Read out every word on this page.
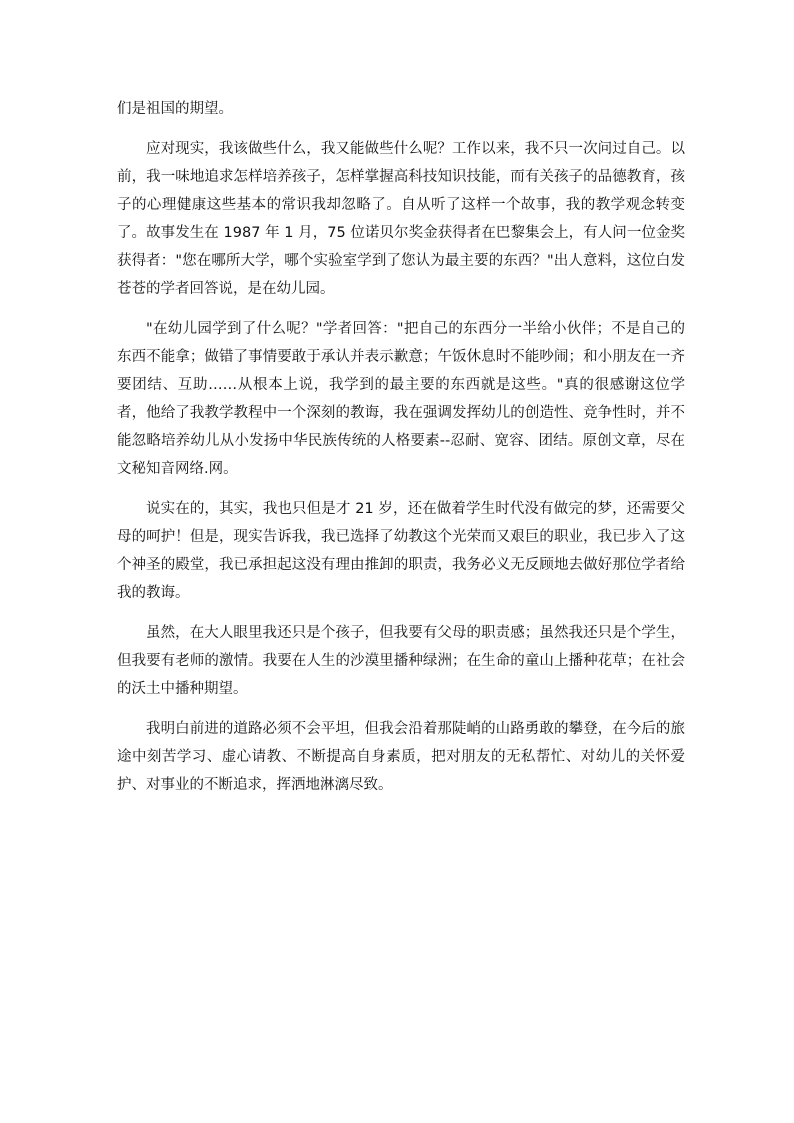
们是祖国的期望。

应对现实，我该做些什么，我又能做些什么呢？工作以来，我不只一次问过自己。以前，我一味地追求怎样培养孩子，怎样掌握高科技知识技能，而有关孩子的品德教育，孩子的心理健康这些基本的常识我却忽略了。自从听了这样一个故事，我的教学观念转变了。故事发生在 1987 年 1 月，75 位诺贝尔奖金获得者在巴黎集会上，有人问一位金奖获得者："您在哪所大学，哪个实验室学到了您认为最主要的东西？"出人意料，这位白发苍苍的学者回答说，是在幼儿园。

"在幼儿园学到了什么呢？"学者回答："把自己的东西分一半给小伙伴；不是自己的东西不能拿；做错了事情要敢于承认并表示歉意；午饭休息时不能吵闹；和小朋友在一齐要团结、互助……从根本上说，我学到的最主要的东西就是这些。"真的很感谢这位学者，他给了我教学教程中一个深刻的教诲，我在强调发挥幼儿的创造性、竞争性时，并不能忽略培养幼儿从小发扬中华民族传统的人格要素--忍耐、宽容、团结。原创文章，尽在文秘知音网络.网。

说实在的，其实，我也只但是才 21 岁，还在做着学生时代没有做完的梦，还需要父母的呵护！但是，现实告诉我，我已选择了幼教这个光荣而又艰巨的职业，我已步入了这个神圣的殿堂，我已承担起这没有理由推卸的职责，我务必义无反顾地去做好那位学者给我的教诲。

虽然，在大人眼里我还只是个孩子，但我要有父母的职责感；虽然我还只是个学生，但我要有老师的激情。我要在人生的沙漠里播种绿洲；在生命的童山上播种花草；在社会的沃土中播种期望。

我明白前进的道路必须不会平坦，但我会沿着那陡峭的山路勇敢的攀登，在今后的旅途中刻苦学习、虚心请教、不断提高自身素质，把对朋友的无私帮忙、对幼儿的关怀爱护、对事业的不断追求，挥洒地淋漓尽致。
